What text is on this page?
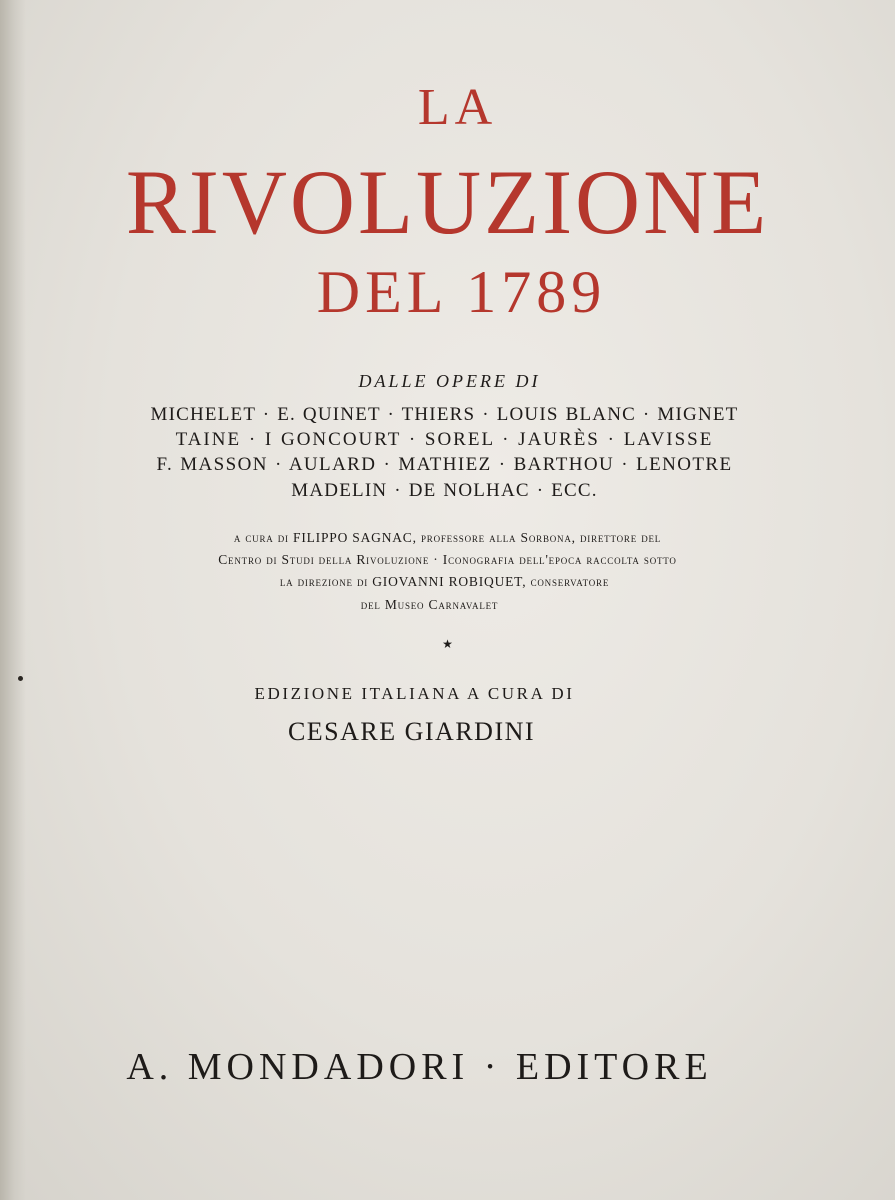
LA
RIVOLUZIONE
DEL 1789
DALLE OPERE DI
MICHELET · E. QUINET · THIERS · LOUIS BLANC · MIGNET
TAINE · I GONCOURT · SOREL · JAURÈS · LAVISSE
F. MASSON · AULARD · MATHIEZ · BARTHOU · LENOTRE
MADELIN · DE NOLHAC · ECC.
a cura di FILIPPO SAGNAC, professore alla Sorbona, direttore del
Centro di Studi della Rivoluzione · Iconografia dell'epoca raccolta sotto
la direzione di GIOVANNI ROBIQUET, conservatore
del Museo Carnavalet
★
EDIZIONE ITALIANA A CURA DI
CESARE GIARDINI
A. MONDADORI · EDITORE
